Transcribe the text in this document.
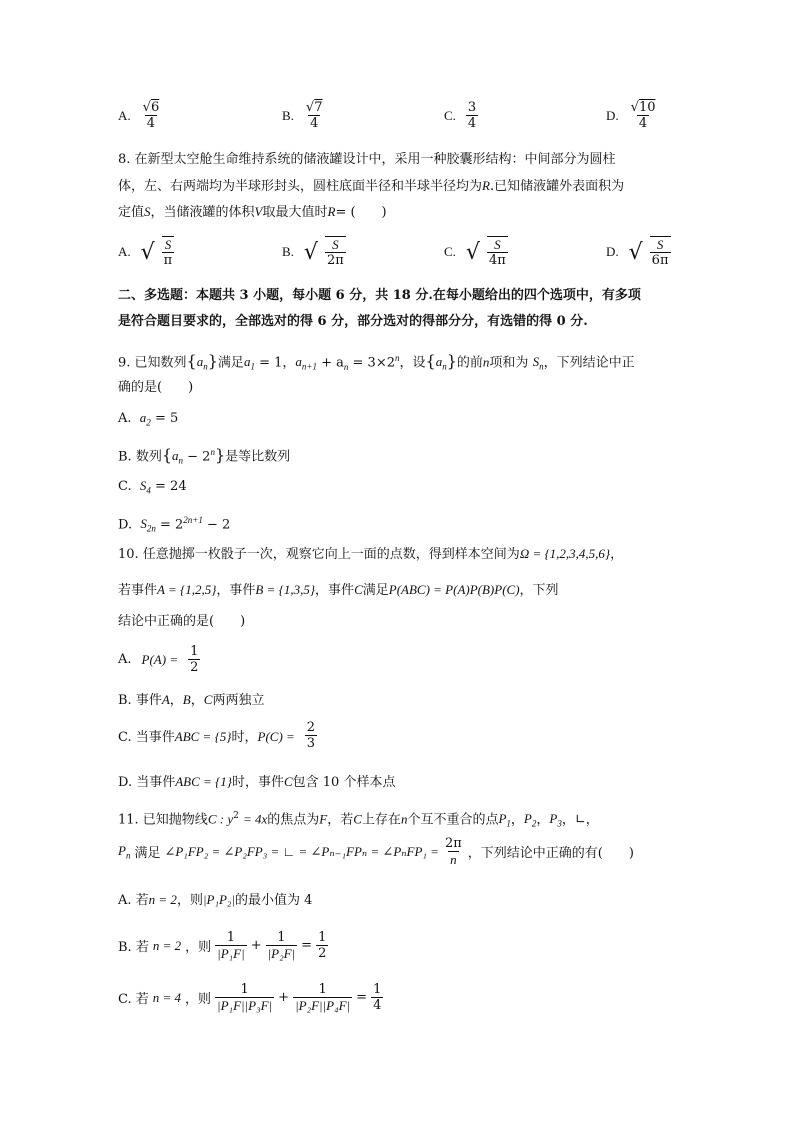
A. $\frac{√6}{4}$	B. $\frac{√7}{4}$	C. $\frac{3}{4}$	D. $\frac{√10}{4}$
8. 在新型太空舱生命维持系统的储液罐设计中，采用一种胶囊形结构：中间部分为圆柱
体，左、右两端均为半球形封头，圆柱底面半径和半球半径均为R.已知储液罐外表面积为
定值S，当储液罐的体积V取最大值时R= (　　)
A. √ $\frac{S}{\pi}$	B. √ $\frac{S}{2\pi}$	C. √ $\frac{S}{4\pi}$	D. √ $\frac{S}{6\pi}$
二、多选题：本题共 3 小题，每小题 6 分，共 18 分.在每小题给出的四个选项中，有多项
是符合题目要求的，全部选对的得 6 分，部分选对的得部分分，有选错的得 0 分.
9. 已知数列$\{a_n\}$满足$a_1 = 1$，$a_{n+1} + a_n = 3\times 2^n$，设$\{a_n\}$的前n项和为 $S_n$，下列结论中正
确的是(　　)
A. $a_2 = 5$
B. 数列$\{a_n - 2^n\}$是等比数列
C. $S_4 = 24$
D. $S_{2n} = 2^{2n+1} - 2$
10. 任意抛掷一枚骰子一次，观察它向上一面的点数，得到样本空间为Ω = {1,2,3,4,5,6}，
若事件A = {1,2,5}，事件B = {1,3,5}，事件C满足P(ABC) = P(A)P(B)P(C)，下列
结论中正确的是(　　)
A. $P(A) = \frac{1}{2}$
B. 事件A，B，C两两独立
C. 当事件ABC = {5}时，$P(C) = \frac{2}{3}$
D. 当事件ABC = {1}时，事件C包含 10 个样本点
11. 已知抛物线C : $y^2 = 4x$的焦点为F，若C上存在n个互不重合的点$P_1$，$P_2$，$P_3$，∟，
$P_n$ 满足 ∠P₁FP₂ = ∠P₂FP₃ = ∟ = ∠Pₙ₋₁FPₙ = ∠PₙFP₁ = $\frac{2\pi}{n}$ ，下列结论中正确的有(　　)
A. 若n = 2，则|P₁P₂|的最小值为 4
B. 若 n = 2 ，则 $\frac{1}{\text{|P₁F|}} + \frac{1}{\text{|P₂F|}} = \frac{1}{2}$
C. 若 n = 4 ，则 $\frac{1}{\text{|P₁F||P₃F|}} + \frac{1}{\text{|P₂F||P₄F|}} = \frac{1}{4}$
